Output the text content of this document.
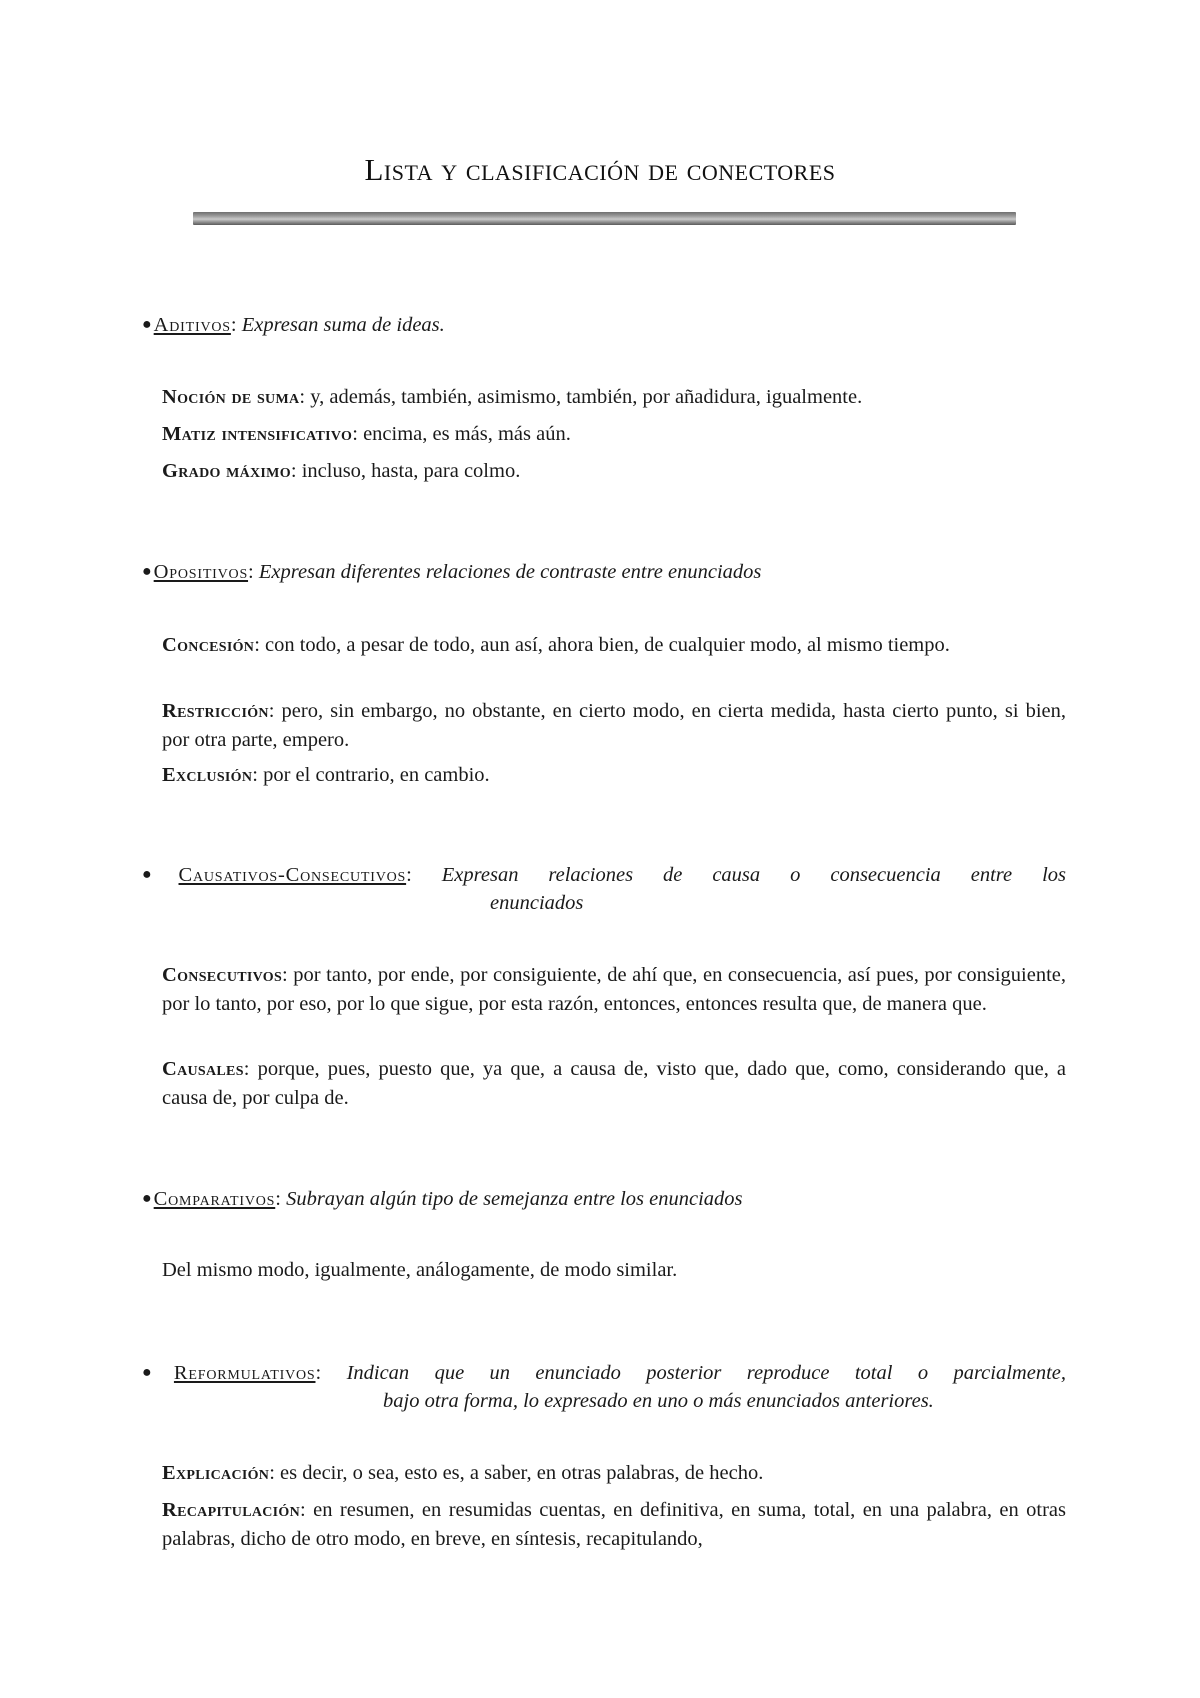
Lista y clasificación de conectores
●Aditivos: Expresan suma de ideas.

Noción de suma: y, además, también, asimismo, también, por añadidura, igualmente.

Matiz intensificativo: encima, es más, más aún.

Grado máximo: incluso, hasta, para colmo.

●Opositivos: Expresan diferentes relaciones de contraste entre enunciados

Concesión: con todo, a pesar de todo, aun así, ahora bien, de cualquier modo, al mismo tiempo.

Restricción: pero, sin embargo, no obstante, en cierto modo, en cierta medida, hasta cierto punto, si bien, por otra parte, empero.

Exclusión: por el contrario, en cambio.

●Causativos-Consecutivos: Expresan relaciones de causa o consecuencia entre los
enunciados

Consecutivos: por tanto, por ende, por consiguiente, de ahí que, en consecuencia, así pues, por consiguiente, por lo tanto, por eso, por lo que sigue, por esta razón, entonces, entonces resulta que, de manera que.

Causales: porque, pues, puesto que, ya que, a causa de, visto que, dado que, como, considerando que, a causa de, por culpa de.

●Comparativos: Subrayan algún tipo de semejanza entre los enunciados

Del mismo modo, igualmente, análogamente, de modo similar.

●Reformulativos: Indican que un enunciado posterior reproduce total o parcialmente,
bajo otra forma, lo expresado en uno o más enunciados anteriores.

Explicación: es decir, o sea, esto es, a saber, en otras palabras, de hecho.

Recapitulación: en resumen, en resumidas cuentas, en definitiva, en suma, total, en una palabra, en otras palabras, dicho de otro modo, en breve, en síntesis, recapitulando,
